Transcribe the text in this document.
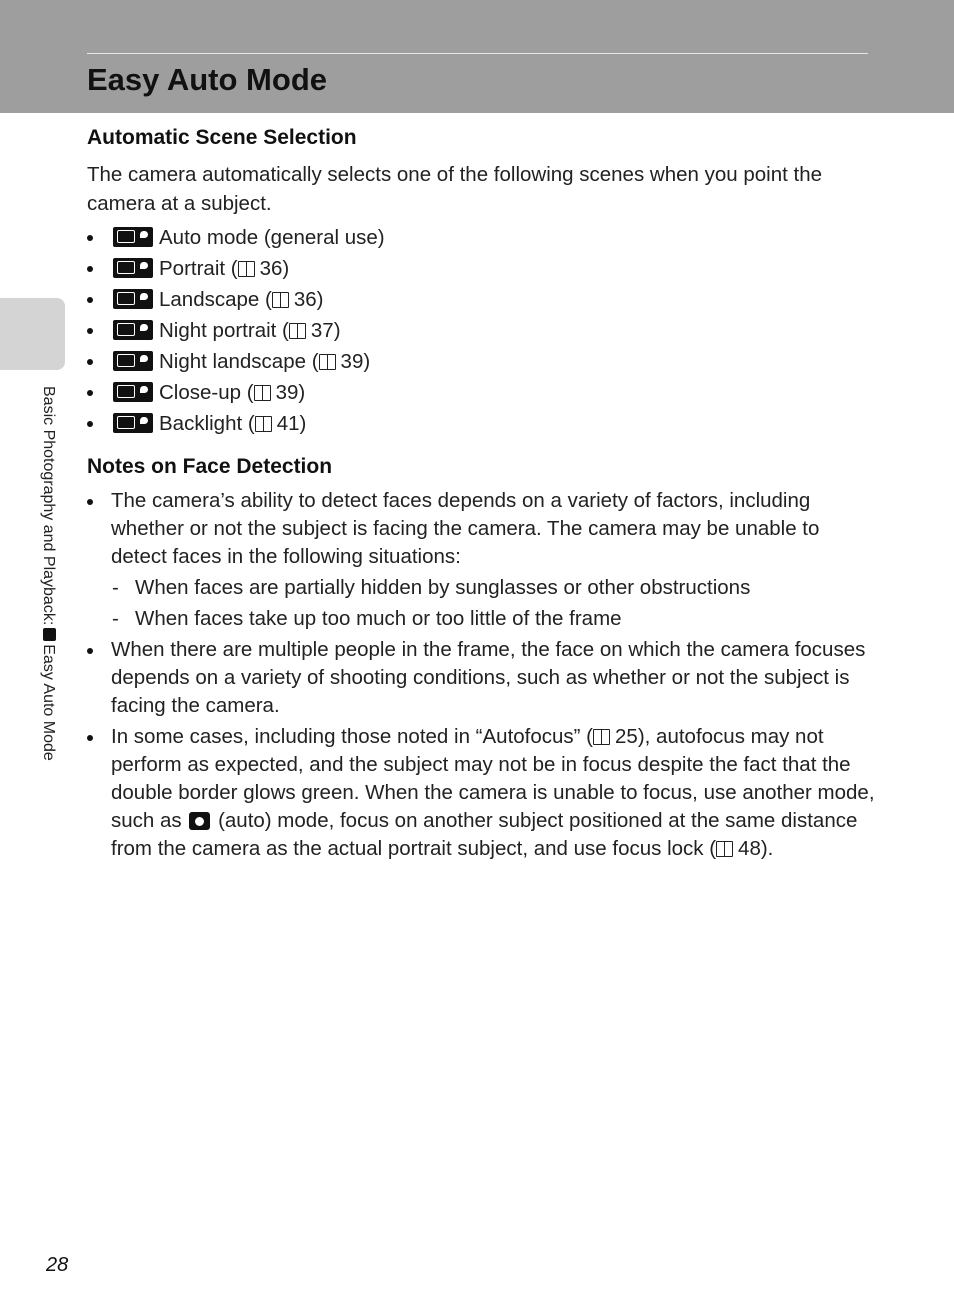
Easy Auto Mode
Basic Photography and Playback:Easy Auto Mode
Automatic Scene Selection

The camera automatically selects one of the following scenes when you point the camera at a subject.

Auto mode (general use)
Portrait ( 36)
Landscape ( 36)
Night portrait ( 37)
Night landscape ( 39)
Close-up ( 39)
Backlight ( 41)
Notes on Face Detection
The camera’s ability to detect faces depends on a variety of factors, including whether or not the subject is facing the camera. The camera may be unable to detect faces in the following situations:
- When faces are partially hidden by sunglasses or other obstructions
- When faces take up too much or too little of the frame
When there are multiple people in the frame, the face on which the camera focuses depends on a variety of shooting conditions, such as whether or not the subject is facing the camera.
In some cases, including those noted in “Autofocus” ( 25), autofocus may not perform as expected, and the subject may not be in focus despite the fact that the double border glows green. When the camera is unable to focus, use another mode, such as (auto) mode, focus on another subject positioned at the same distance from the camera as the actual portrait subject, and use focus lock ( 48).
28
